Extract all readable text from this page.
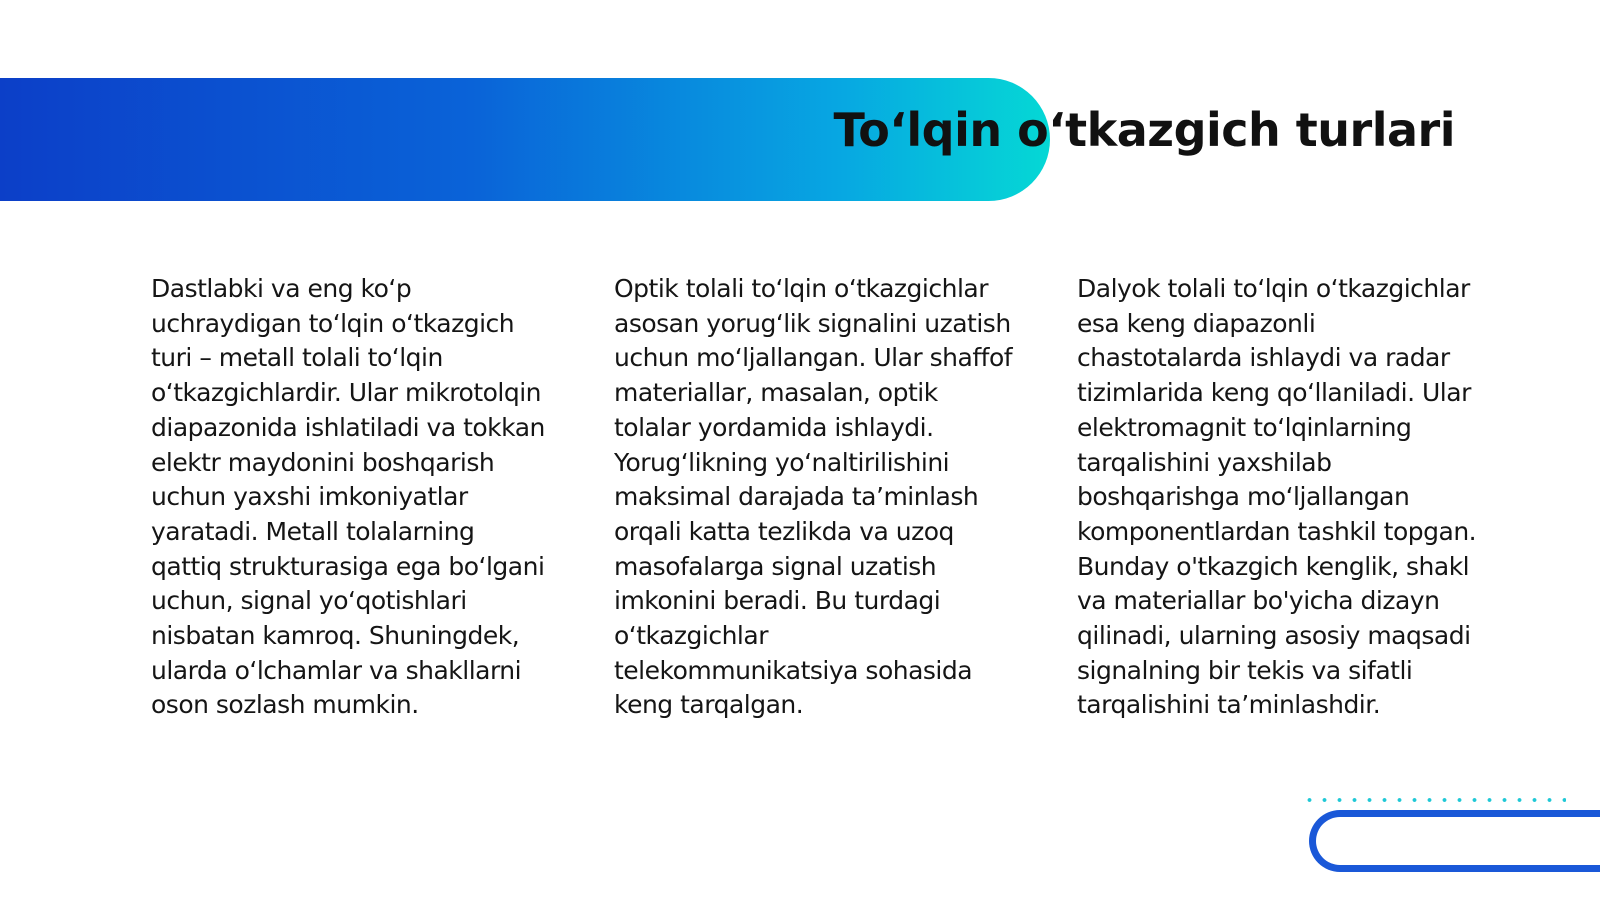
To‘lqin o‘tkazgich turlari

Dastlabki va eng ko‘p uchraydigan to‘lqin o‘tkazgich turi – metall tolali to‘lqin o‘tkazgichlardir. Ular mikrotolqin diapazonida ishlatiladi va tokkan elektr maydonini boshqarish uchun yaxshi imkoniyatlar yaratadi. Metall tolalarning qattiq strukturasiga ega bo‘lgani uchun, signal yo‘qotishlari nisbatan kamroq. Shuningdek, ularda o‘lchamlar va shakllarni oson sozlash mumkin.

Optik tolali to‘lqin o‘tkazgichlar asosan yorug‘lik signalini uzatish uchun mo‘ljallangan. Ular shaffof materiallar, masalan, optik tolalar yordamida ishlaydi. Yorug‘likning yo‘naltirilishini maksimal darajada ta’minlash orqali katta tezlikda va uzoq masofalarga signal uzatish imkonini beradi. Bu turdagi o‘tkazgichlar telekommunikatsiya sohasida keng tarqalgan.

Dalyok tolali to‘lqin o‘tkazgichlar esa keng diapazonli chastotalarda ishlaydi va radar tizimlarida keng qo‘llaniladi. Ular elektromagnit to‘lqinlarning tarqalishini yaxshilab boshqarishga mo‘ljallangan komponentlardan tashkil topgan. Bunday o'tkazgich kenglik, shakl va materiallar bo'yicha dizayn qilinadi, ularning asosiy maqsadi signalning bir tekis va sifatli tarqalishini ta’minlashdir.
